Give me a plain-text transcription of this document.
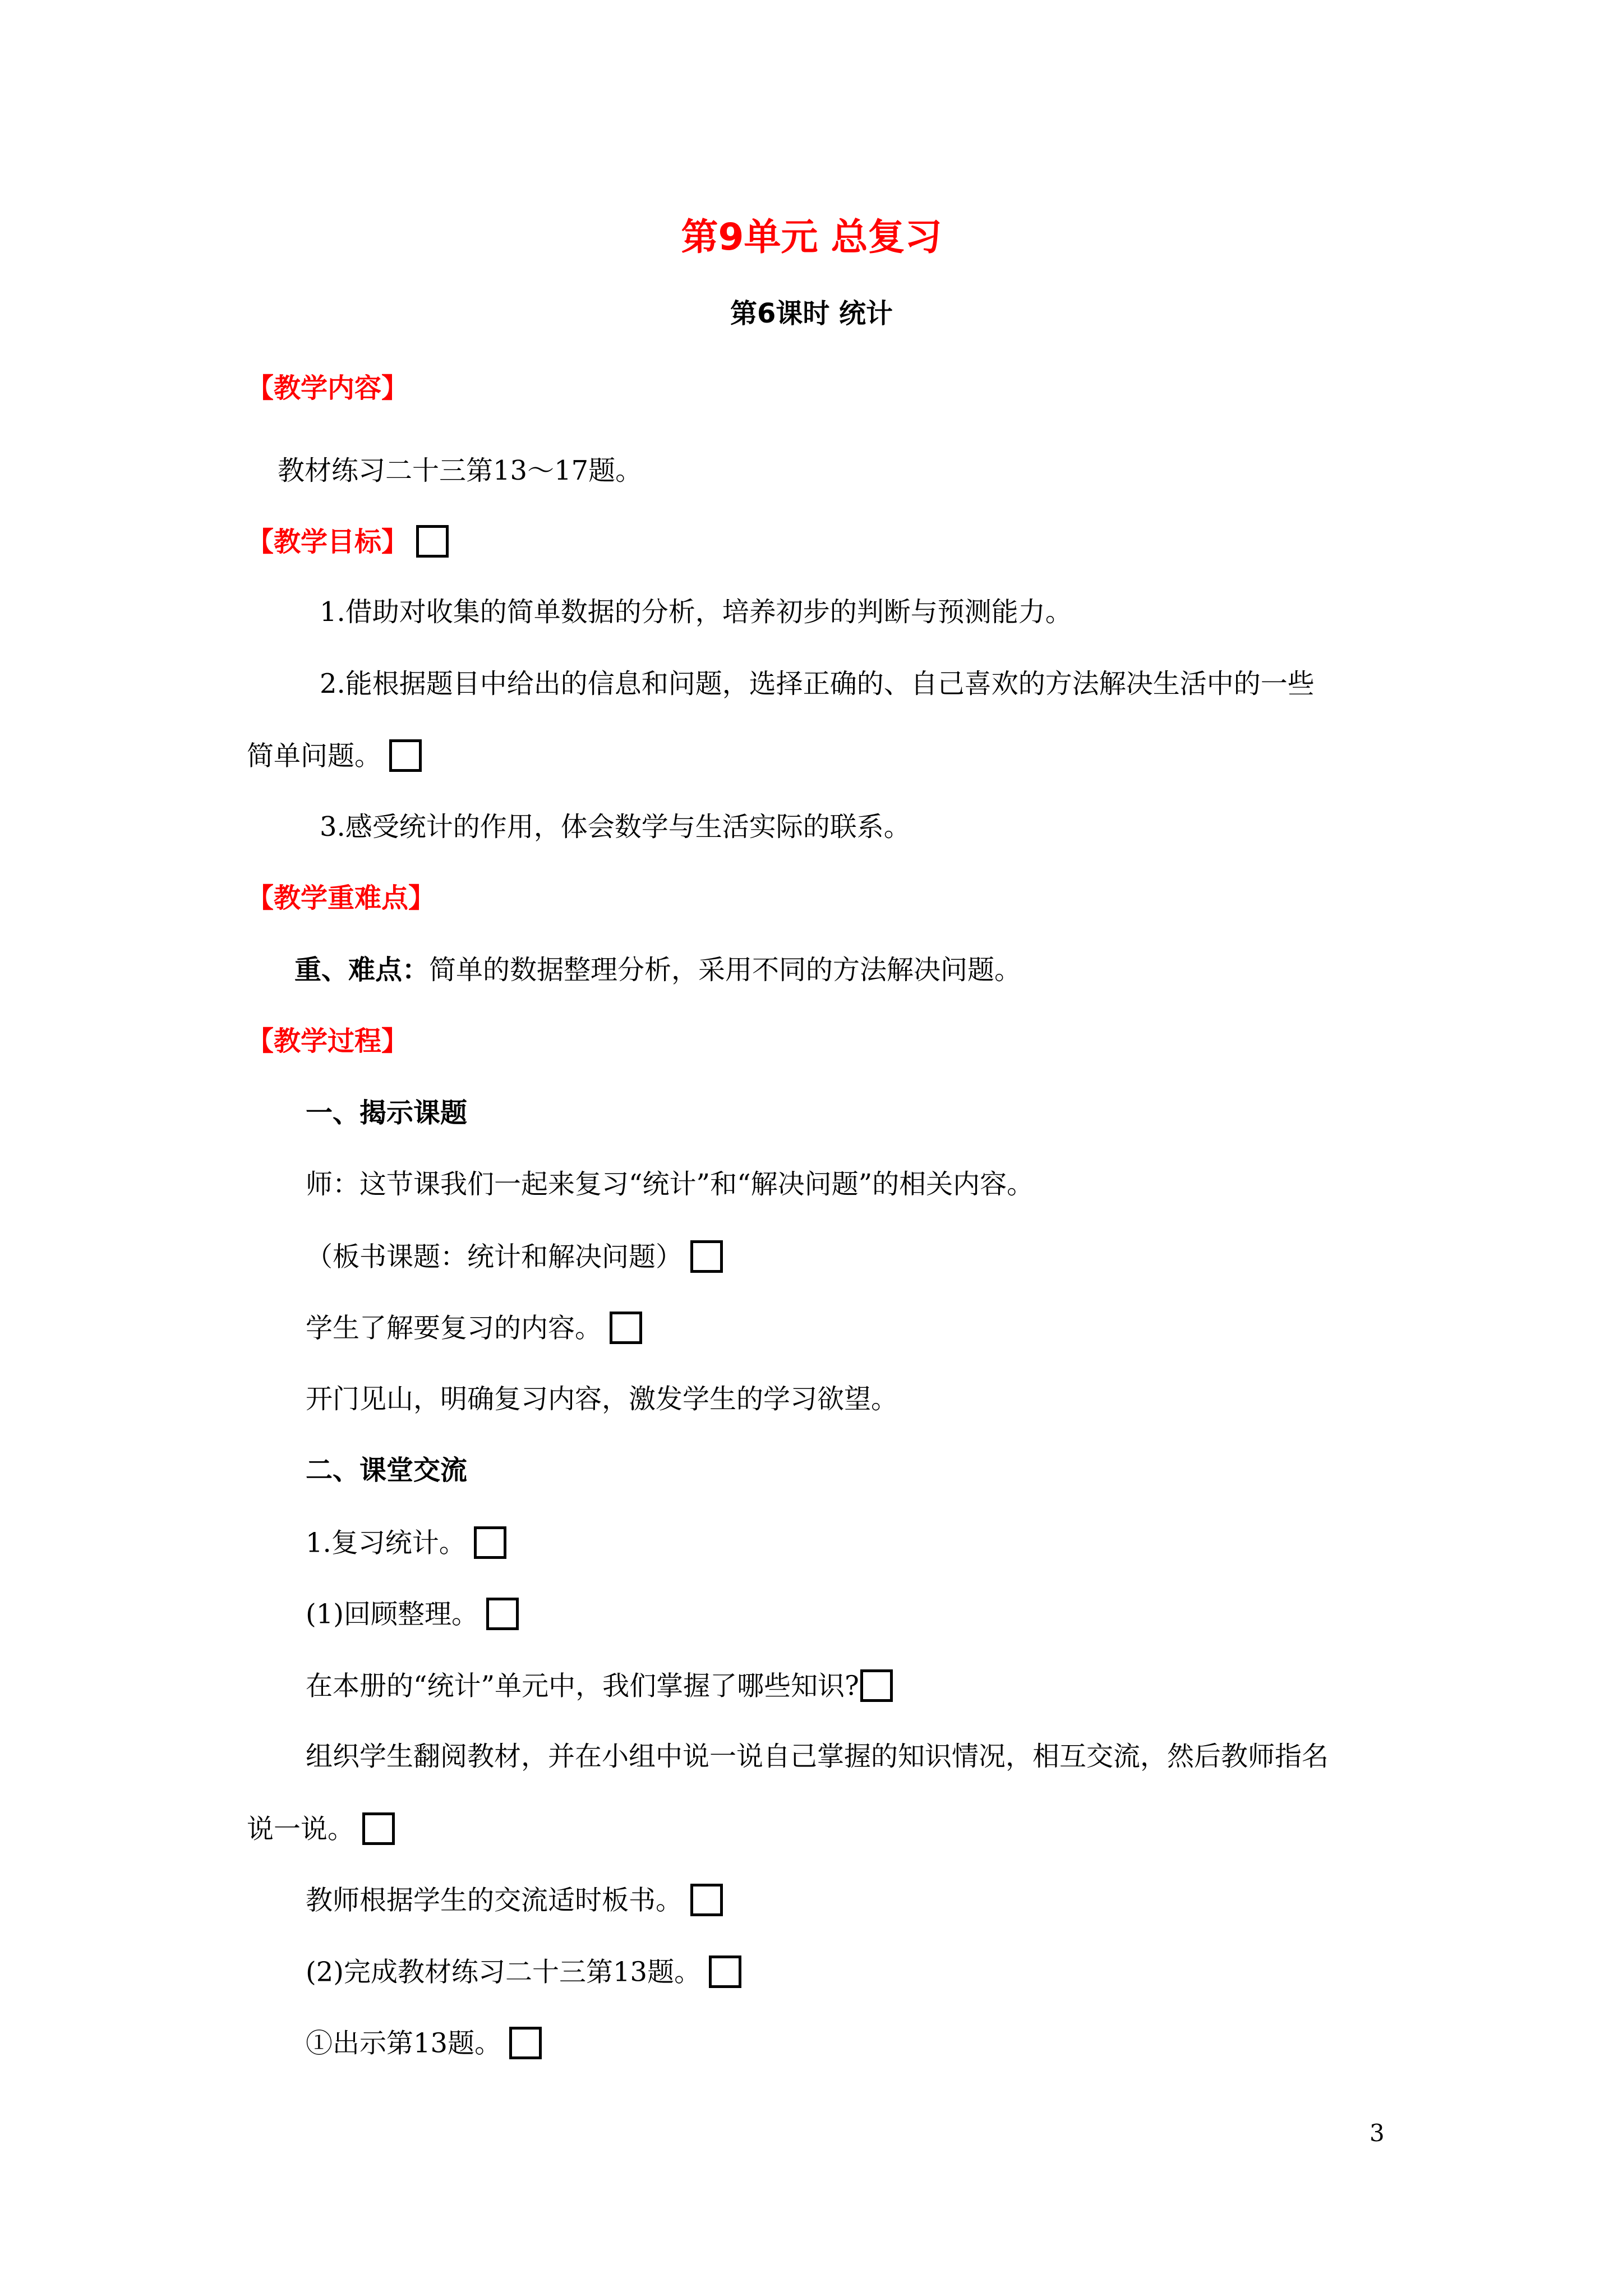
第9单元 总复习
第6课时 统计
【教学内容】
教材练习二十三第13～17题。
【教学目标】
1.借助对收集的简单数据的分析，培养初步的判断与预测能力。
2.能根据题目中给出的信息和问题，选择正确的、自己喜欢的方法解决生活中的一些
简单问题。
3.感受统计的作用，体会数学与生活实际的联系。
【教学重难点】
重、难点：简单的数据整理分析，采用不同的方法解决问题。
【教学过程】
一、揭示课题
师：这节课我们一起来复习“统计”和“解决问题”的相关内容。
（板书课题：统计和解决问题）
学生了解要复习的内容。
开门见山，明确复习内容，激发学生的学习欲望。
二、课堂交流
1.复习统计。
(1)回顾整理。
在本册的“统计”单元中，我们掌握了哪些知识?
组织学生翻阅教材，并在小组中说一说自己掌握的知识情况，相互交流，然后教师指名
说一说。
教师根据学生的交流适时板书。
(2)完成教材练习二十三第13题。
①出示第13题。
3
